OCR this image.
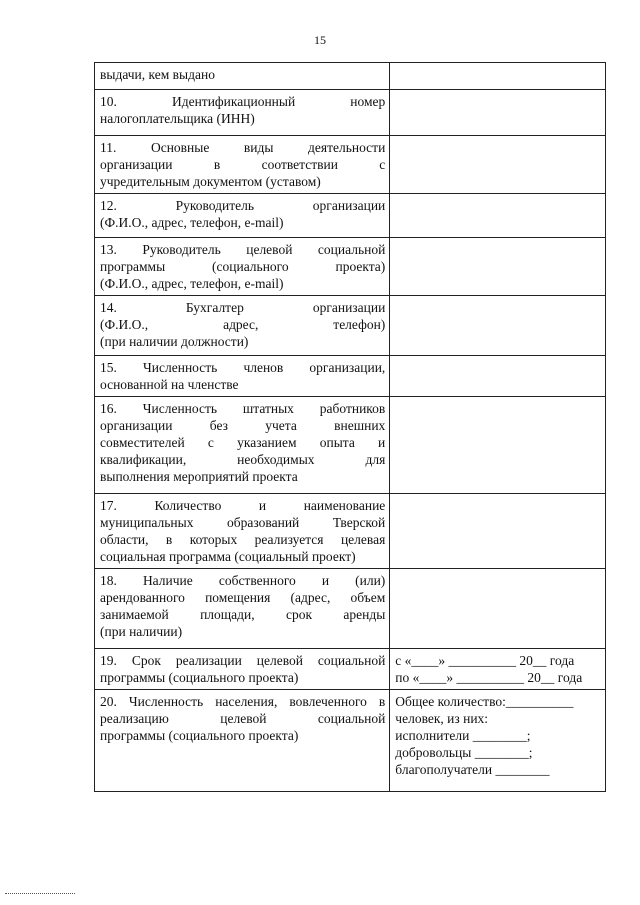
15
выдачи, кем выдано	

10. Идентификационный номер
налогоплательщика (ИНН)	

11. Основные виды деятельности
организации в соответствии с
учредительным документом (уставом)	

12. Руководитель организации
(Ф.И.О., адрес, телефон, e-mail)	

13. Руководитель целевой социальной
программы (социального проекта)
(Ф.И.О., адрес, телефон, e-mail)	

14. Бухгалтер организации
(Ф.И.О., адрес, телефон)
(при наличии должности)	

15. Численность членов организации,
основанной на членстве	

16. Численность штатных работников
организации без учета внешних
совместителей с указанием опыта и
квалификации, необходимых для
выполнения мероприятий проекта	

17. Количество и наименование
муниципальных образований Тверской
области, в которых реализуется целевая
социальная программа (социальный проект)	

18. Наличие собственного и (или)
арендованного помещения (адрес, объем
занимаемой площади, срок аренды
(при наличии)	

19. Срок реализации целевой социальной
программы (социального проекта)	с «____» __________ 20__ года
по «____» __________ 20__ года

20. Численность населения, вовлеченного в
реализацию целевой социальной
программы (социального проекта)	Общее количество:__________
человек, из них:
исполнители ________;
добровольцы ________;
благополучатели ________
